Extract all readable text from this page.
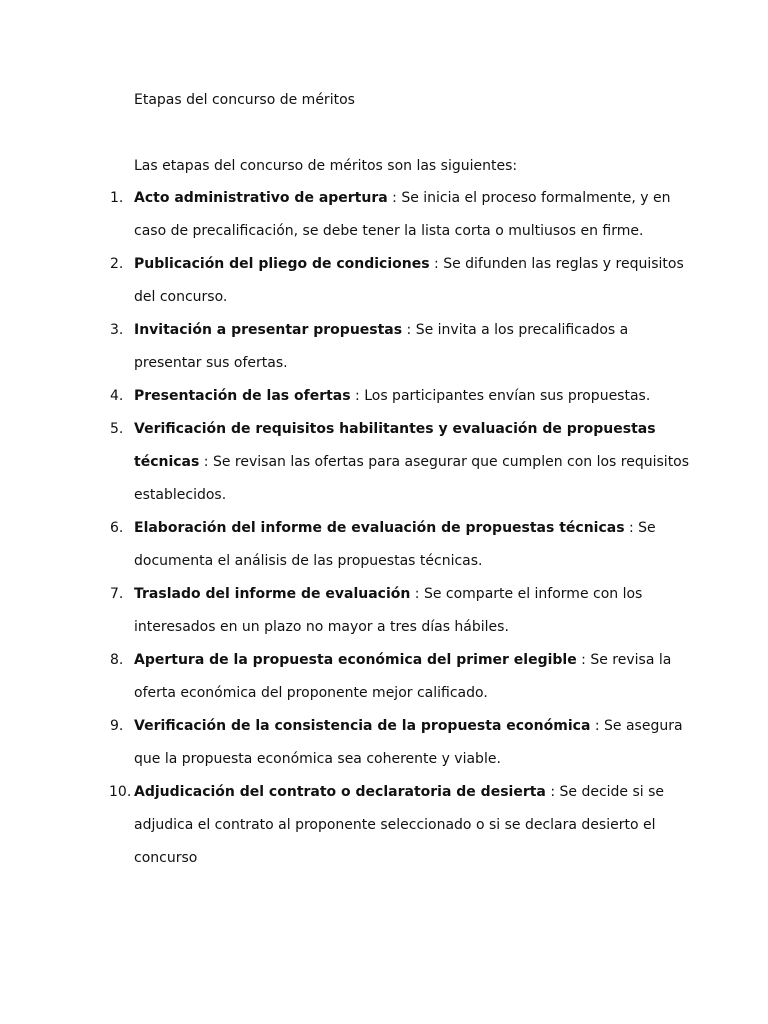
Etapas del concurso de méritos
Las etapas del concurso de méritos son las siguientes:
1. Acto administrativo de apertura : Se inicia el proceso formalmente, y en caso de precalificación, se debe tener la lista corta o multiusos en firme.
2. Publicación del pliego de condiciones : Se difunden las reglas y requisitos del concurso.
3. Invitación a presentar propuestas : Se invita a los precalificados a presentar sus ofertas.
4. Presentación de las ofertas : Los participantes envían sus propuestas.
5. Verificación de requisitos habilitantes y evaluación de propuestas técnicas : Se revisan las ofertas para asegurar que cumplen con los requisitos establecidos.
6. Elaboración del informe de evaluación de propuestas técnicas : Se documenta el análisis de las propuestas técnicas.
7. Traslado del informe de evaluación : Se comparte el informe con los interesados en un plazo no mayor a tres días hábiles.
8. Apertura de la propuesta económica del primer elegible : Se revisa la oferta económica del proponente mejor calificado.
9. Verificación de la consistencia de la propuesta económica : Se asegura que la propuesta económica sea coherente y viable.
10. Adjudicación del contrato o declaratoria de desierta : Se decide si se adjudica el contrato al proponente seleccionado o si se declara desierto el concurso
